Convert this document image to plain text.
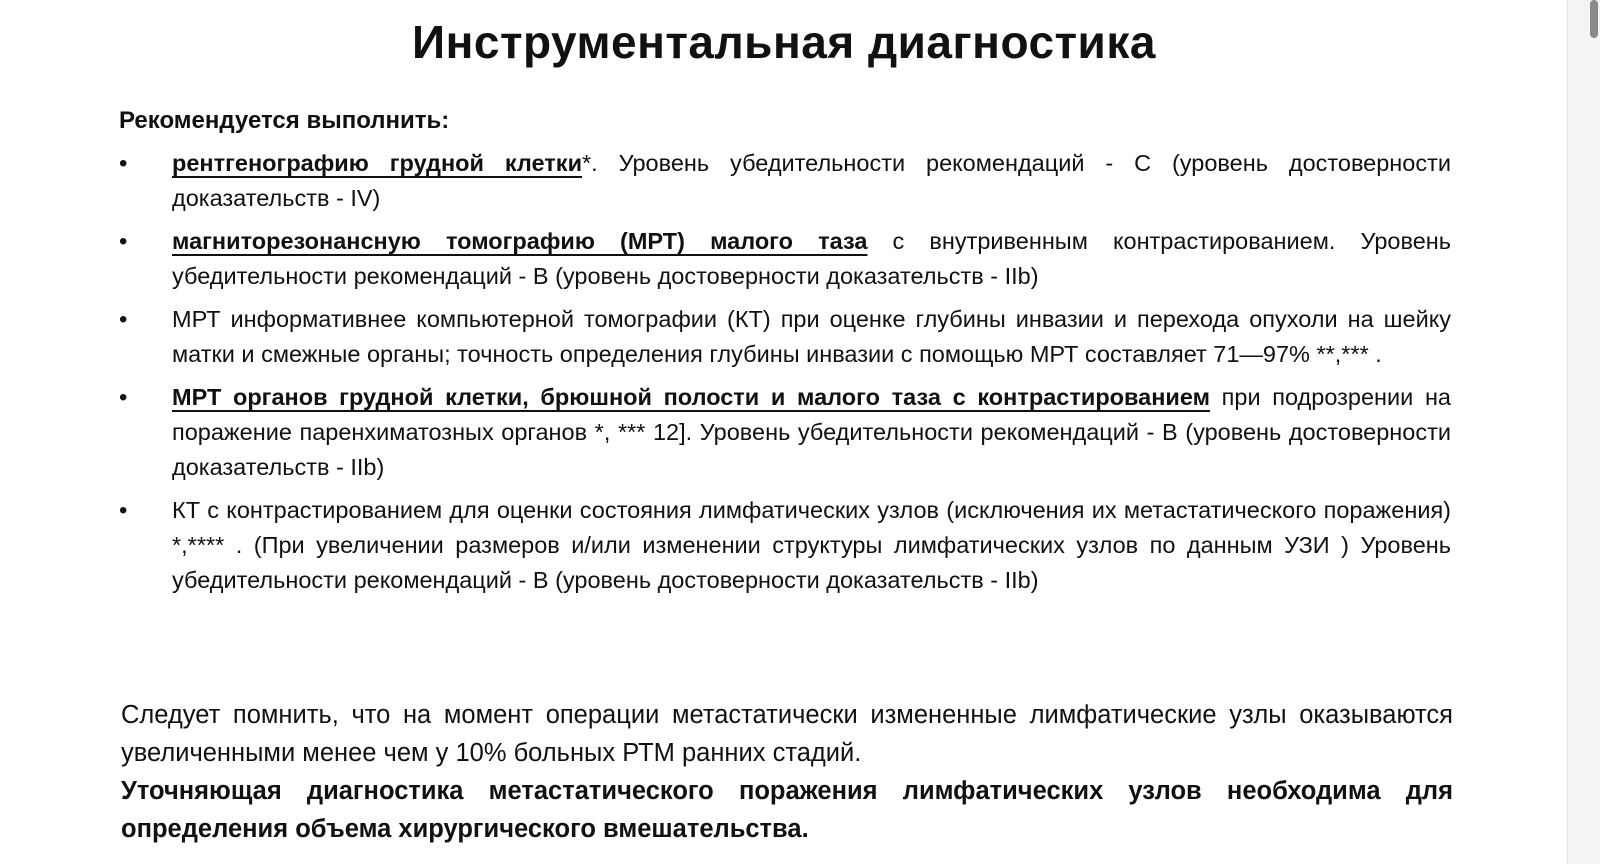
Инструментальная диагностика
Рекомендуется выполнить:
• рентгенографию грудной клетки*. Уровень убедительности рекомендаций - С (уровень достоверности доказательств - IV)
• магниторезонансную томографию (МРТ) малого таза с внутривенным контрастированием. Уровень убедительности рекомендаций - В (уровень достоверности доказательств - IIb)
• МРТ информативнее компьютерной томографии (КТ) при оценке глубины инвазии и перехода опухоли на шейку матки и смежные органы; точность определения глубины инвазии с помощью МРТ составляет 71—97% **,*** .
• МРТ органов грудной клетки, брюшной полости и малого таза с контрастированием при подрозрении на поражение паренхиматозных органов *, *** 12]. Уровень убедительности рекомендаций - В (уровень достоверности доказательств - IIb)
• КТ с контрастированием для оценки состояния лимфатических узлов (исключения их метастатического поражения) *,**** . (При увеличении размеров и/или изменении структуры лимфатических узлов по данным УЗИ ) Уровень убедительности рекомендаций - В (уровень достоверности доказательств - IIb)
Следует помнить, что на момент операции метастатически измененные лимфатические узлы оказываются увеличенными менее чем у 10% больных РТМ ранних стадий.
Уточняющая диагностика метастатического поражения лимфатических узлов необходима для определения объема хирургического вмешательства.
